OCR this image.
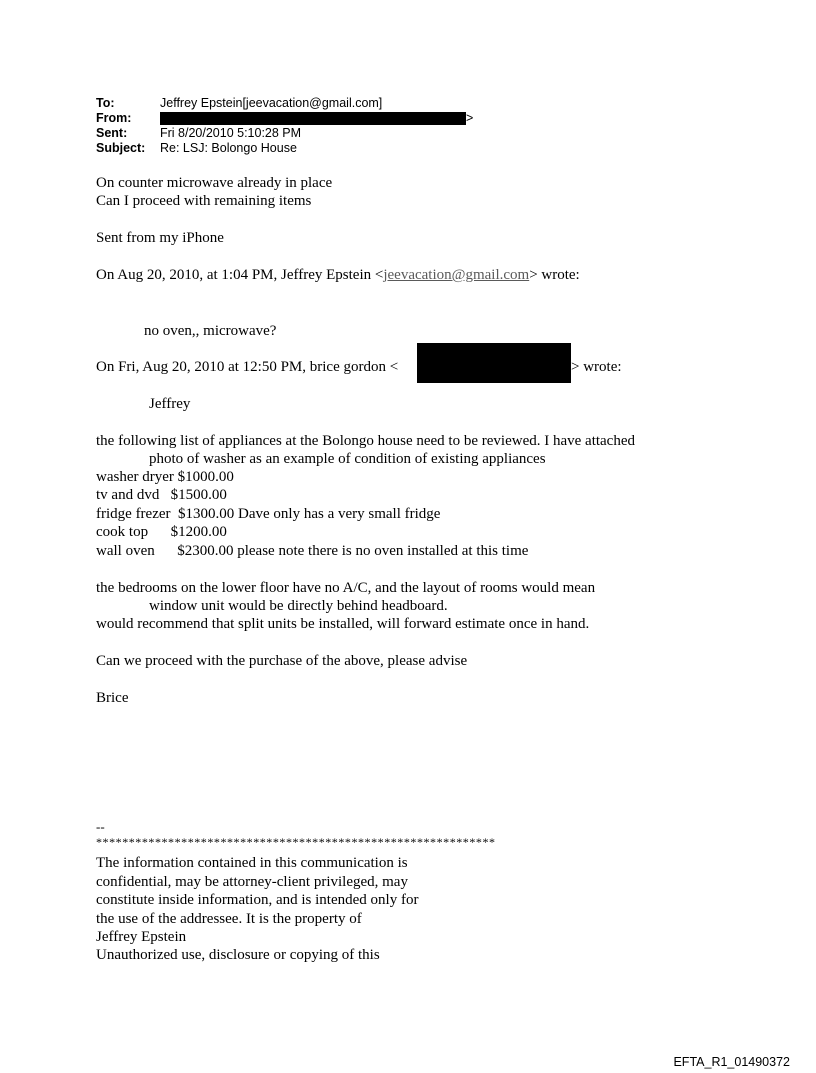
To:	Jeffrey Epstein[jeevacation@gmail.com]
From:	>
Sent:	Fri 8/20/2010 5:10:28 PM
Subject: Re: LSJ: Bolongo House
On counter microwave already in place
Can I proceed with remaining items
Sent from my iPhone
On Aug 20, 2010, at 1:04 PM, Jeffrey Epstein <jeevacation@gmail.com> wrote:
no oven,, microwave?
On Fri, Aug 20, 2010 at 12:50 PM, brice gordon <	> wrote:
Jeffrey
the following list of appliances at the Bolongo house need to be reviewed. I have attached
photo of washer as an example of condition of existing appliances
washer dryer $1000.00
tv and dvd   $1500.00
fridge frezer  $1300.00 Dave only has a very small fridge
cook top      $1200.00
wall oven      $2300.00 please note there is no oven installed at this time
the bedrooms on the lower floor have no A/C, and the layout of rooms would mean
window unit would be directly behind headboard.
would recommend that split units be installed, will forward estimate once in hand.
Can we proceed with the purchase of the above, please advise
Brice
--
*************************************************************
The information contained in this communication is
confidential, may be attorney-client privileged, may
constitute inside information, and is intended only for
the use of the addressee. It is the property of
Jeffrey Epstein
Unauthorized use, disclosure or copying of this
EFTA_R1_01490372
